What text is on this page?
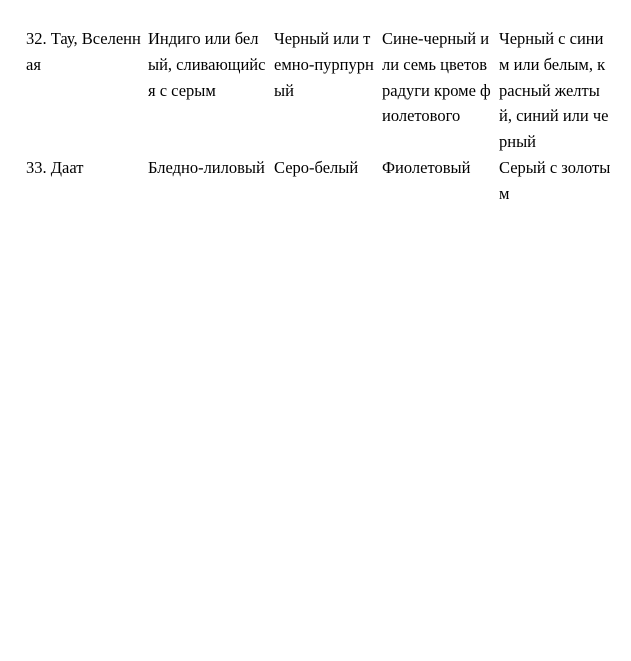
32. Тау, Вселенная	Индиго или белый, сливающийся с серым	Черный или темно-пурпурный	Сине-черный или семь цветов радуги кроме фиолетового	Черный с синим или белым, красный желтый, синий или черный

33. Даат	Бледно-лиловый	Серо-белый	Фиолетовый	Серый с золотым
